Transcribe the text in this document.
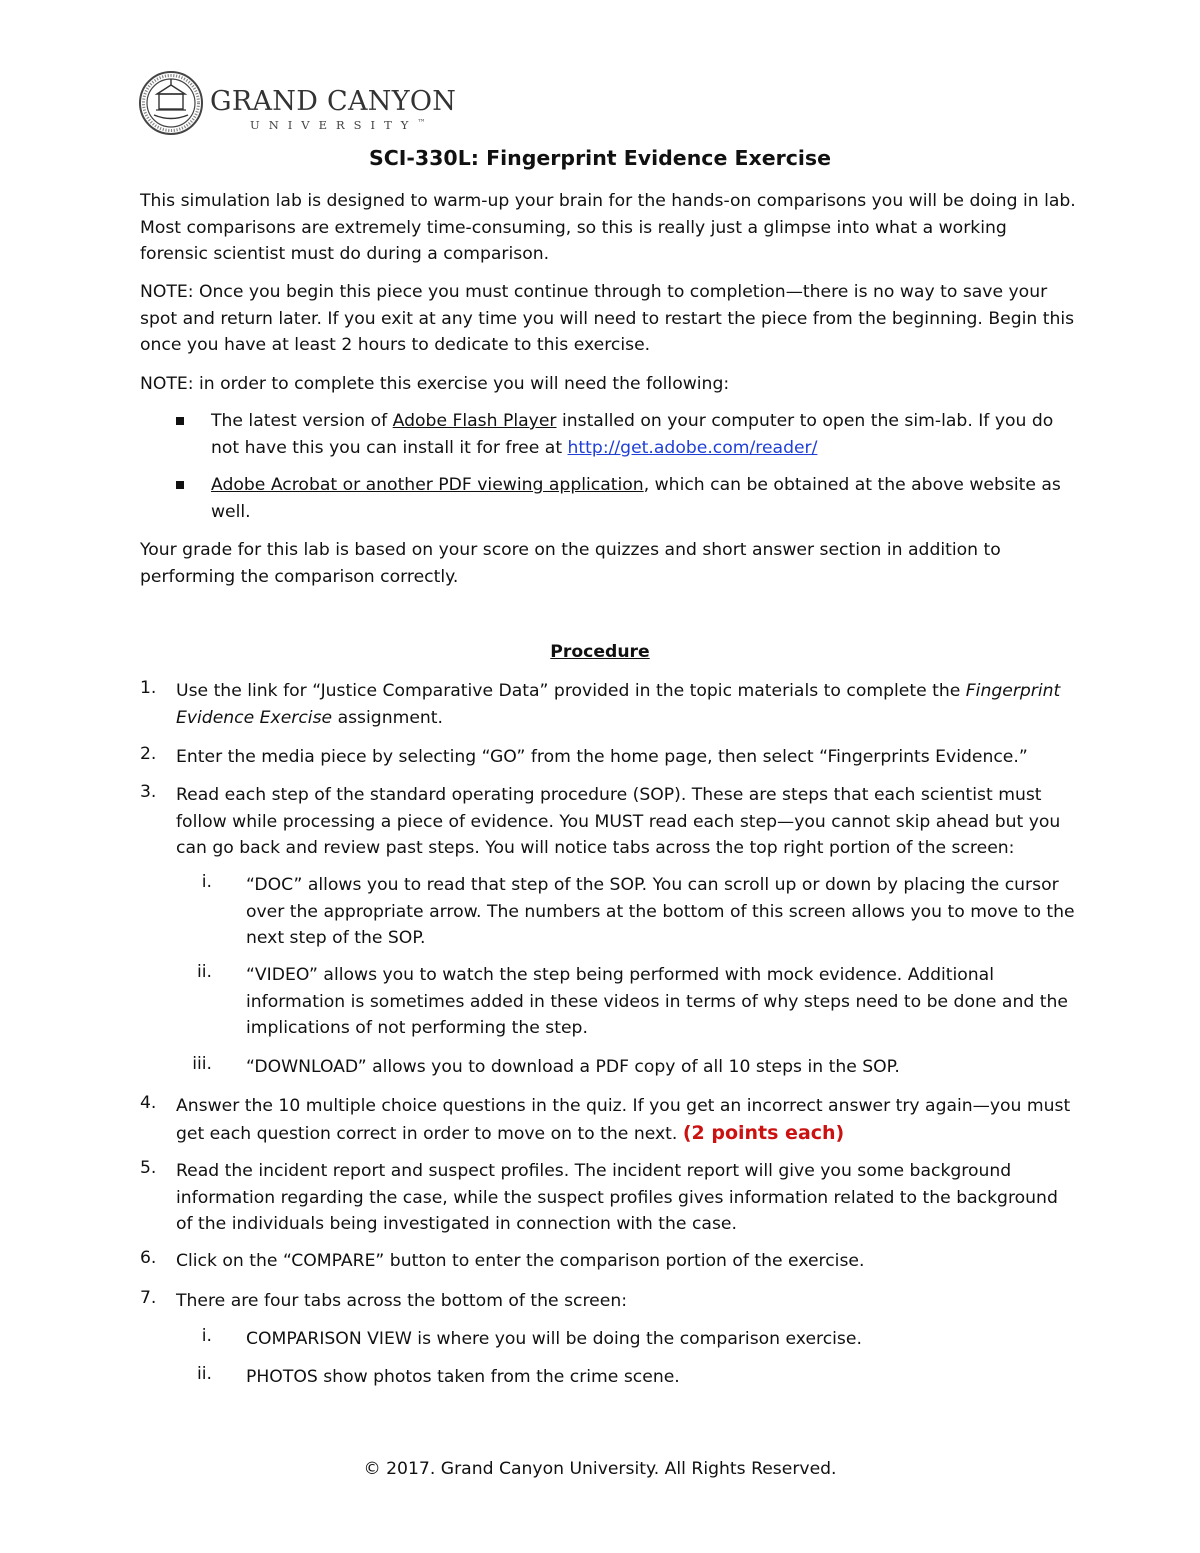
GRAND CANYON
UNIVERSITY™
SCI-330L: Fingerprint Evidence Exercise
This simulation lab is designed to warm-up your brain for the hands-on comparisons you will be doing in lab. Most comparisons are extremely time-consuming, so this is really just a glimpse into what a working forensic scientist must do during a comparison.
NOTE: Once you begin this piece you must continue through to completion—there is no way to save your spot and return later. If you exit at any time you will need to restart the piece from the beginning. Begin this once you have at least 2 hours to dedicate to this exercise.
NOTE: in order to complete this exercise you will need the following:
The latest version of Adobe Flash Player installed on your computer to open the sim-lab. If you do not have this you can install it for free at http://get.adobe.com/reader/
Adobe Acrobat or another PDF viewing application, which can be obtained at the above website as well.
Your grade for this lab is based on your score on the quizzes and short answer section in addition to performing the comparison correctly.
Procedure
1.	Use the link for “Justice Comparative Data” provided in the topic materials to complete the Fingerprint Evidence Exercise assignment.
2.	Enter the media piece by selecting “GO” from the home page, then select “Fingerprints Evidence.”
3.	Read each step of the standard operating procedure (SOP). These are steps that each scientist must follow while processing a piece of evidence. You MUST read each step—you cannot skip ahead but you can go back and review past steps. You will notice tabs across the top right portion of the screen:
i. “DOC” allows you to read that step of the SOP. You can scroll up or down by placing the cursor over the appropriate arrow. The numbers at the bottom of this screen allows you to move to the next step of the SOP.
ii. “VIDEO” allows you to watch the step being performed with mock evidence. Additional information is sometimes added in these videos in terms of why steps need to be done and the implications of not performing the step.
iii. “DOWNLOAD” allows you to download a PDF copy of all 10 steps in the SOP.
4.	Answer the 10 multiple choice questions in the quiz. If you get an incorrect answer try again—you must get each question correct in order to move on to the next. (2 points each)
5.	Read the incident report and suspect profiles. The incident report will give you some background information regarding the case, while the suspect profiles gives information related to the background of the individuals being investigated in connection with the case.
6.	Click on the “COMPARE” button to enter the comparison portion of the exercise.
7.	There are four tabs across the bottom of the screen:
i. COMPARISON VIEW is where you will be doing the comparison exercise.
ii. PHOTOS show photos taken from the crime scene.
© 2017. Grand Canyon University. All Rights Reserved.
